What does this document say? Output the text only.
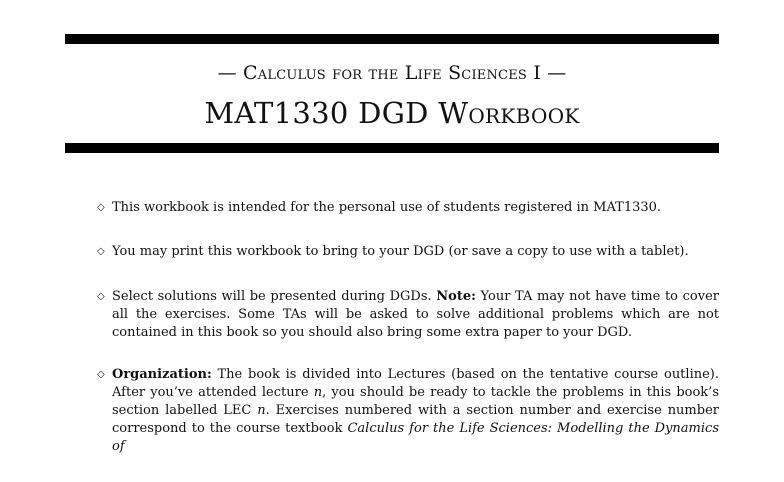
— Calculus for the Life Sciences I —
MAT1330 DGD Workbook
◇ This workbook is intended for the personal use of students registered in MAT1330.
◇ You may print this workbook to bring to your DGD (or save a copy to use with a tablet).
◇ Select solutions will be presented during DGDs. Note: Your TA may not have time to cover all the exercises. Some TAs will be asked to solve additional problems which are not contained in this book so you should also bring some extra paper to your DGD.
◇ Organization: The book is divided into Lectures (based on the tentative course outline). After you’ve attended lecture n, you should be ready to tackle the problems in this book’s section labelled LEC n. Exercises numbered with a section number and exercise number correspond to the course textbook Calculus for the Life Sciences: Modelling the Dynamics of
